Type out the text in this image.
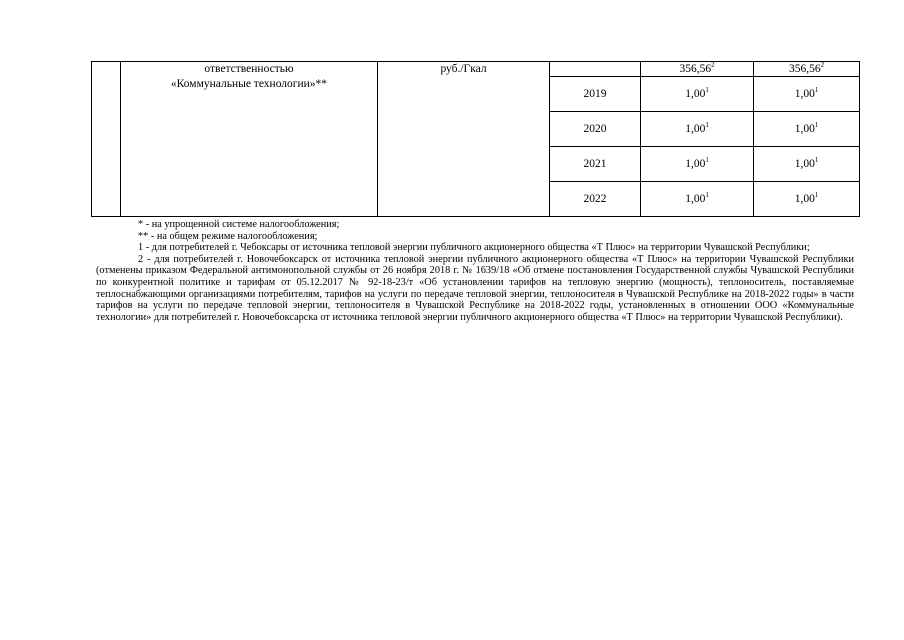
	ответственностью
«Коммунальные технологии»**	руб./Гкал		356,56$^2$	356,56$^2$
			2019	1,00$^1$	1,00$^1$
			2020	1,00$^1$	1,00$^1$
			2021	1,00$^1$	1,00$^1$
			2022	1,00$^1$	1,00$^1$

* - на упрощенной системе налогообложения;

** - на общем режиме налогообложения;

1 - для потребителей г. Чебоксары от источника тепловой энергии публичного акционерного общества «Т Плюс» на территории Чувашской Республики;

2 - для потребителей г. Новочебоксарск от источника тепловой энергии публичного акционерного общества «Т Плюс» на территории Чувашской Республики (отменены приказом Федеральной антимонопольной службы от 26 ноября 2018 г. № 1639/18 «Об отмене постановления Государственной службы Чувашской Республики по конкурентной политике и тарифам от 05.12.2017 № 92-18-23/т «Об установлении тарифов на тепловую энергию (мощность), теплоноситель, поставляемые теплоснабжающими организациями потребителям, тарифов на услуги по передаче тепловой энергии, теплоносителя в Чувашской Республике на 2018-2022 годы» в части тарифов на услуги по передаче тепловой энергии, теплоносителя в Чувашской Республике на 2018-2022 годы, установленных в отношении ООО «Коммунальные технологии» для потребителей г. Новочебоксарска от источника тепловой энергии публичного акционерного общества «Т Плюс» на территории Чувашской Республики).
